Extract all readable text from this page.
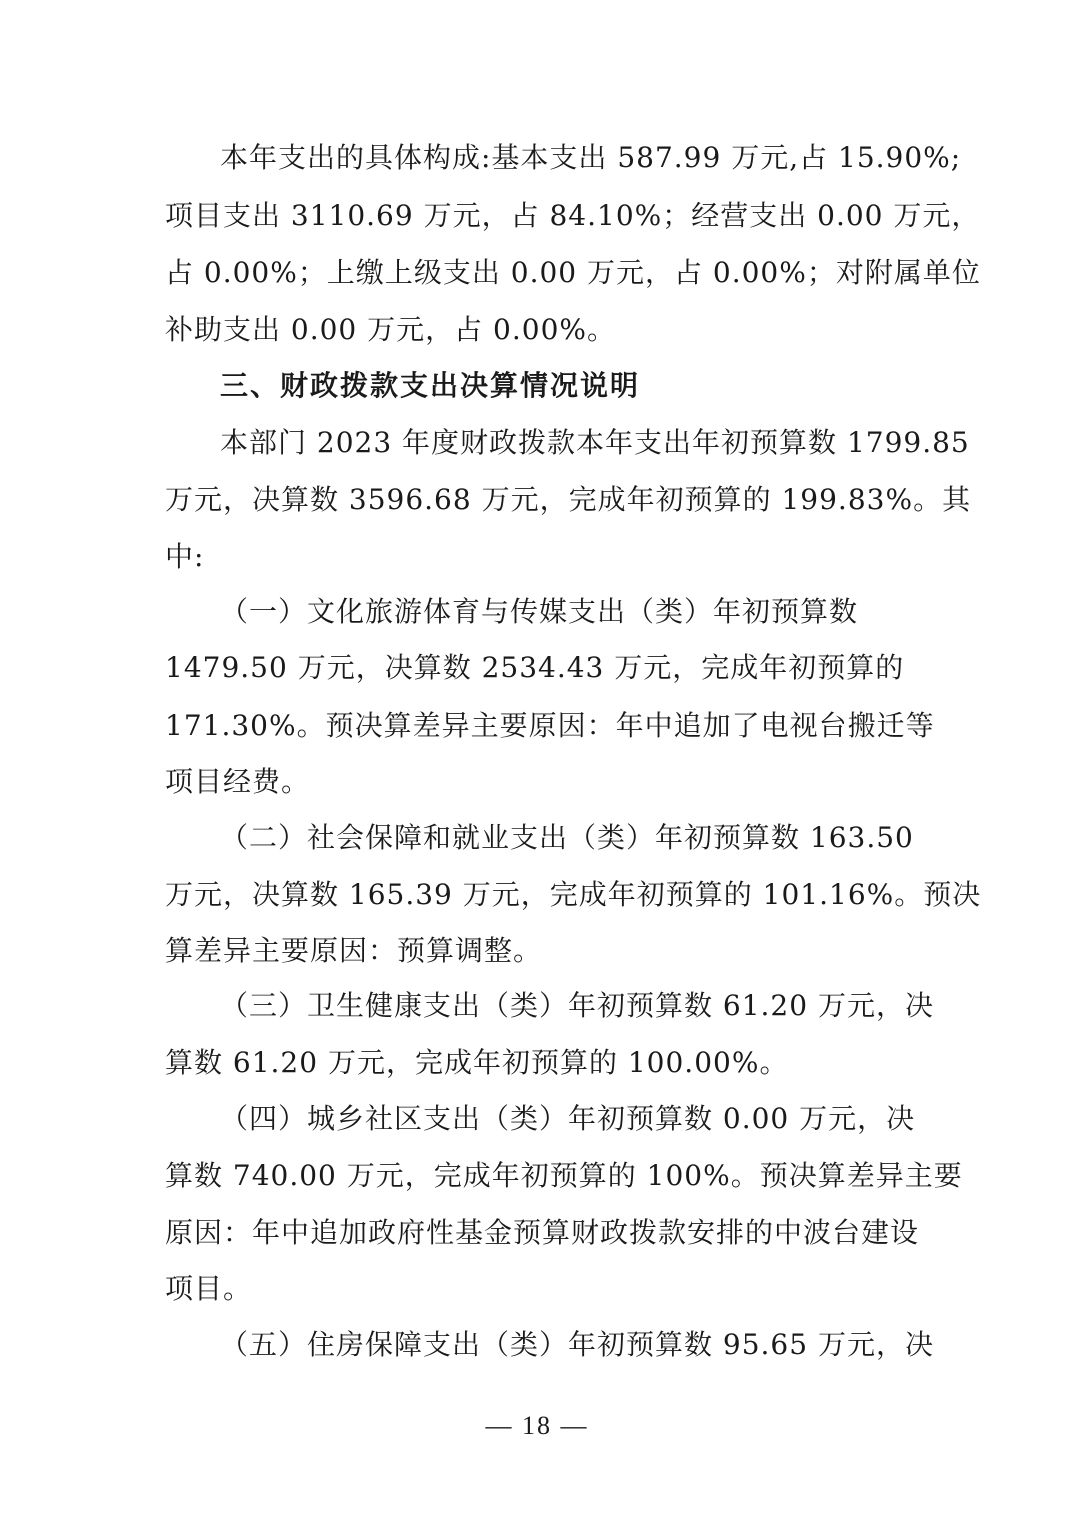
本年支出的具体构成:基本支出 587.99 万元,占 15.90%;
项目支出 3110.69 万元，占 84.10%；经营支出 0.00 万元，
占 0.00%；上缴上级支出 0.00 万元，占 0.00%；对附属单位
补助支出 0.00 万元，占 0.00%。
三、财政拨款支出决算情况说明
本部门 2023 年度财政拨款本年支出年初预算数 1799.85
万元，决算数 3596.68 万元，完成年初预算的 199.83%。其
中:
（一）文化旅游体育与传媒支出（类）年初预算数
1479.50 万元，决算数 2534.43 万元，完成年初预算的
171.30%。预决算差异主要原因：年中追加了电视台搬迁等
项目经费。
（二）社会保障和就业支出（类）年初预算数 163.50
万元，决算数 165.39 万元，完成年初预算的 101.16%。预决
算差异主要原因：预算调整。
（三）卫生健康支出（类）年初预算数 61.20 万元，决
算数 61.20 万元，完成年初预算的 100.00%。
（四）城乡社区支出（类）年初预算数 0.00 万元，决
算数 740.00 万元，完成年初预算的 100%。预决算差异主要
原因：年中追加政府性基金预算财政拨款安排的中波台建设
项目。
（五）住房保障支出（类）年初预算数 95.65 万元，决
— 18 —
